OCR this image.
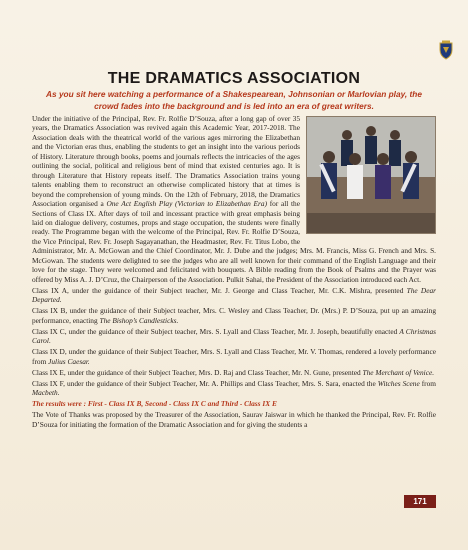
THE DRAMATICS ASSOCIATION

As you sit here watching a performance of a Shakespearean, Johnsonian or Marlovian play, the crowd fades into the background and is led into an era of great writers.

Under the initiative of the Principal, Rev. Fr. Rolfie D’Souza, after a long gap of over 35 years, the Dramatics Association was revived again this Academic Year, 2017-2018. The Association deals with the theatrical world of the various ages mirroring the Elizabethan and the Victorian eras thus, enabling the students to get an insight into the various periods of History. Literature through books, poems and journals reflects the intricacies of the ages outlining the social, political and religious bent of mind that existed centuries ago. It is through Literature that History repeats itself. The Dramatics Association trains young talents enabling them to reconstruct an otherwise complicated history that at times is beyond the comprehension of young minds. On the 12th of February, 2018, the Dramatics Association organised a One Act English Play (Victorian to Elizabethan Era) for all the Sections of Class IX. After days of toil and incessant practice with great emphasis being laid on dialogue delivery, costumes, props and stage occupation, the students were finally ready. The Programme began with the welcome of the Principal, Rev. Fr. Rolfie D’Souza, the Vice Principal, Rev. Fr. Joseph Sagayanathan, the Headmaster, Rev. Fr. Titus Lobo, the Administrator, Mr. A. McGowan and the Chief Coordinator, Mr. J. Dube and the judges; Mrs. M. Francis, Miss G. French and Mrs. S. McGowan. The students were delighted to see the judges who are all well known for their command of the English Language and their love for the stage. They were welcomed and felicitated with bouquets. A Bible reading from the Book of Psalms and the Prayer was offered by Miss A. J. D’Cruz, the Chairperson of the Association. Pulkit Sahai, the President of the Association introduced each Act.

Class IX A, under the guidance of their Subject teacher, Mr. J. George and Class Teacher, Mr. C.K. Mishra, presented The Dear Departed.

Class IX B, under the guidance of their Subject teacher, Mrs. C. Wesley and Class Teacher, Dr. (Mrs.) P. D’Souza, put up an amazing performance, enacting The Bishop’s Candlesticks.

Class IX C, under the guidance of their Subject teacher, Mrs. S. Lyall and Class Teacher, Mr. J. Joseph, beautifully enacted A Christmas Carol.

Class IX D, under the guidance of their Subject Teacher, Mrs. S. Lyall and Class Teacher, Mr. V. Thomas, rendered a lovely performance from Julius Caesar.

Class IX E, under the guidance of their Subject Teacher, Mrs. D. Raj and Class Teacher, Mr. N. Gune, presented The Merchant of Venice.

Class IX F, under the guidance of their Subject Teacher, Mr. A. Phillips and Class Teacher, Mrs. S. Sara, enacted the Witches Scene from Macbeth.

The results were : First - Class IX B, Second - Class IX C and Third - Class IX E

The Vote of Thanks was proposed by the Treasurer of the Association, Saurav Jaiswar in which he thanked the Principal, Rev. Fr. Rolfie D’Souza for initiating the formation of the Dramatic Association and for giving the students a

171
